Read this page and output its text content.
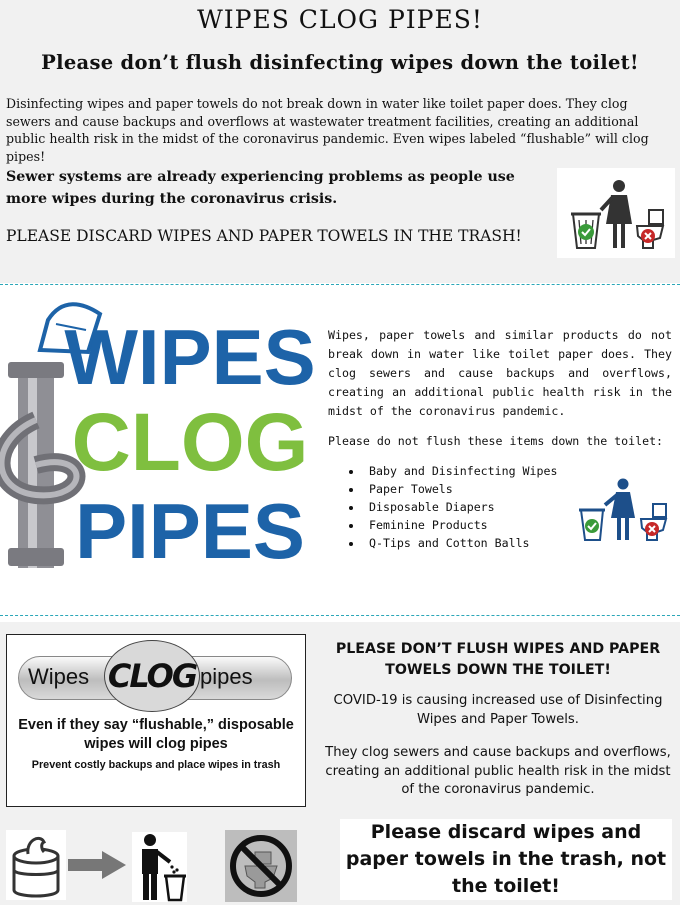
WIPES CLOG PIPES!
Please don’t flush disinfecting wipes down the toilet!
Disinfecting wipes and paper towels do not break down in water like toilet paper does. They clog sewers and cause backups and overflows at wastewater treatment facilities, creating an additional public health risk in the midst of the coronavirus pandemic. Even wipes labeled “flushable” will clog pipes!
Sewer systems are already experiencing problems as people use more wipes during the coronavirus crisis.
PLEASE DISCARD WIPES AND PAPER TOWELS IN THE TRASH!
WIPES
CLOG
PIPES
Wipes, paper towels and similar products do not break down in water like toilet paper does. They clog sewers and cause backups and overflows, creating an additional public health risk in the midst of the coronavirus pandemic.
Please do not flush these items down the toilet:
• Baby and Disinfecting Wipes
• Paper Towels
• Disposable Diapers
• Feminine Products
• Q-Tips and Cotton Balls
Wipes	pipes
CLOG
Even if they say “flushable,” disposable wipes will clog pipes
Prevent costly backups and place wipes in trash
PLEASE DON’T FLUSH WIPES AND PAPER TOWELS DOWN THE TOILET!
COVID-19 is causing increased use of Disinfecting Wipes and Paper Towels.
They clog sewers and cause backups and overflows, creating an additional public health risk in the midst of the coronavirus pandemic.
Please discard wipes and paper towels in the trash, not the toilet!
